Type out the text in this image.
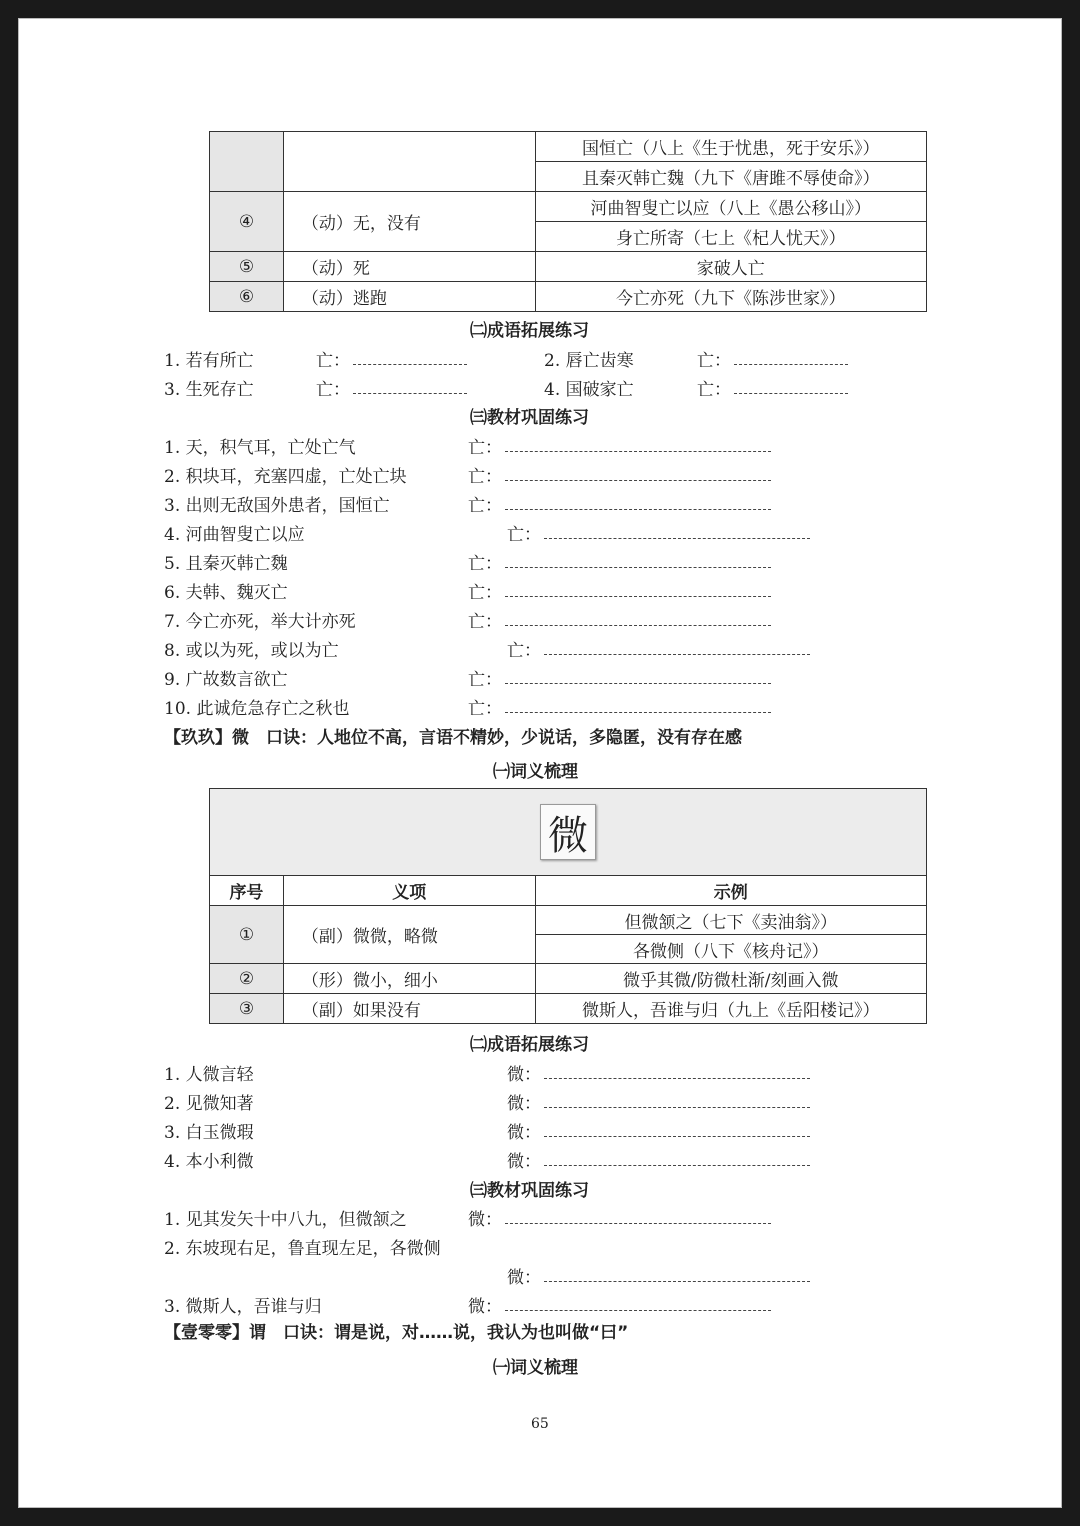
		国恒亡（八上《生于忧患，死于安乐》）
		且秦灭韩亡魏（九下《唐雎不辱使命》）
④	（动）无，没有	河曲智叟亡以应（八上《愚公移山》）
		身亡所寄（七上《杞人忧天》）
⑤	（动）死	家破人亡
⑥	（动）逃跑	今亡亦死（九下《陈涉世家》）
㈡成语拓展练习
1. 若有所亡	亡：	2. 唇亡齿寒	亡：
3. 生死存亡	亡：	4. 国破家亡	亡：
㈢教材巩固练习
1. 天，积气耳，亡处亡气	亡：
2. 积块耳，充塞四虚，亡处亡块	亡：
3. 出则无敌国外患者，国恒亡	亡：
4. 河曲智叟亡以应	亡：
5. 且秦灭韩亡魏	亡：
6. 夫韩、魏灭亡	亡：
7. 今亡亦死，举大计亦死	亡：
8. 或以为死，或以为亡	亡：
9. 广故数言欲亡	亡：
10. 此诚危急存亡之秋也	亡：
【玖玖】微　口诀：人地位不高，言语不精妙，少说话，多隐匿，没有存在感
㈠词义梳理
微		
序号	义项	示例
①	（副）微微，略微	但微颔之（七下《卖油翁》）
		各微侧（八下《核舟记》）
②	（形）微小，细小	微乎其微/防微杜渐/刻画入微
③	（副）如果没有	微斯人，吾谁与归（九上《岳阳楼记》）
㈡成语拓展练习
1. 人微言轻	微：
2. 见微知著	微：
3. 白玉微瑕	微：
4. 本小利微	微：
㈢教材巩固练习
1. 见其发矢十中八九，但微颔之	微：
2. 东坡现右足，鲁直现左足，各微侧
微：
3. 微斯人，吾谁与归	微：
【壹零零】谓　口诀：谓是说，对……说，我认为也叫做“曰”
㈠词义梳理
65
